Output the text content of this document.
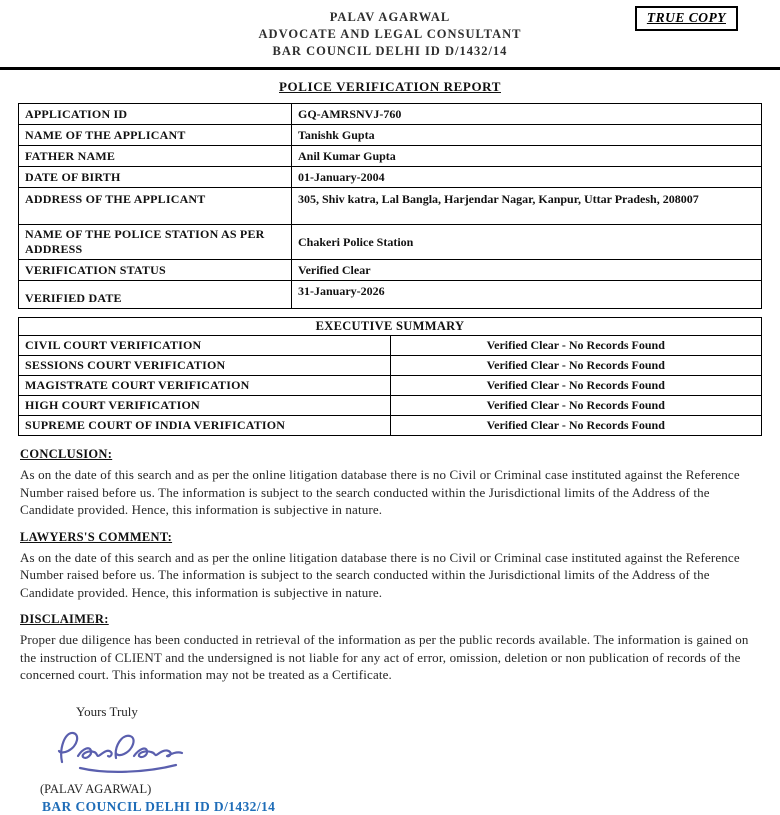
TRUE COPY
PALAV AGARWAL
ADVOCATE AND LEGAL CONSULTANT
BAR COUNCIL DELHI ID D/1432/14
POLICE VERIFICATION REPORT
APPLICATION ID	GQ-AMRSNVJ-760
NAME OF THE APPLICANT	Tanishk Gupta
FATHER NAME	Anil Kumar Gupta
DATE OF BIRTH	01-January-2004
ADDRESS OF THE APPLICANT	305, Shiv katra, Lal Bangla, Harjendar Nagar, Kanpur, Uttar Pradesh, 208007
NAME OF THE POLICE STATION AS PER ADDRESS	Chakeri Police Station
VERIFICATION STATUS	Verified Clear
VERIFIED DATE	31-January-2026
EXECUTIVE SUMMARY	
CIVIL COURT VERIFICATION	Verified Clear - No Records Found
SESSIONS COURT VERIFICATION	Verified Clear - No Records Found
MAGISTRATE COURT VERIFICATION	Verified Clear - No Records Found
HIGH COURT VERIFICATION	Verified Clear - No Records Found
SUPREME COURT OF INDIA VERIFICATION	Verified Clear - No Records Found
CONCLUSION:

As on the date of this search and as per the online litigation database there is no Civil or Criminal case instituted against the Reference Number raised before us. The information is subject to the search conducted within the Jurisdictional limits of the Address of the Candidate provided. Hence, this information is subjective in nature.

LAWYERS'S COMMENT:

As on the date of this search and as per the online litigation database there is no Civil or Criminal case instituted against the Reference Number raised before us. The information is subject to the search conducted within the Jurisdictional limits of the Address of the Candidate provided. Hence, this information is subjective in nature.

DISCLAIMER:

Proper due diligence has been conducted in retrieval of the information as per the public records available. The information is gained on the instruction of CLIENT and the undersigned is not liable for any act of error, omission, deletion or non publication of records of the concerned court. This information may not be treated as a Certificate.

Yours Truly
(PALAV AGARWAL)
BAR COUNCIL DELHI ID D/1432/14
